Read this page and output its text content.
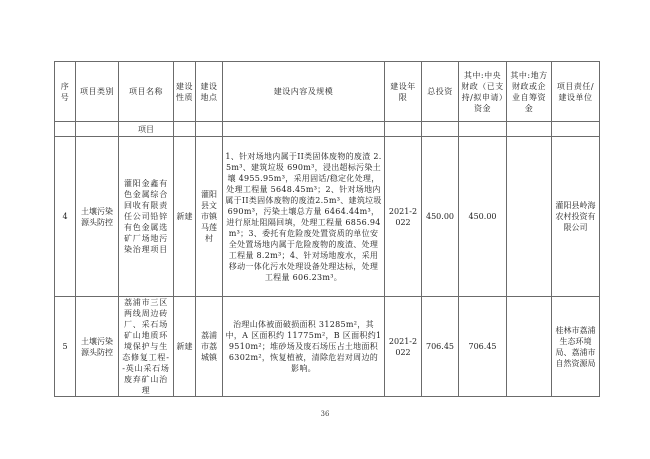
序号	项目类别	项目名称	建设性质	建设地点	建设内容及规模	建设年限	总投资	其中:中央财政（已支持/拟申请）资金	其中:地方财政或企业自筹资金	项目责任/建设单位
		项目								
4	土壤污染源头防控	灌阳金鑫有色金属综合回收有限责任公司铅锌有色金属选矿厂场地污染治理项目	新建	灌阳县文市镇马莲村	1、针对场地内属于II类固体废物的废渣 2.5m³、建筑垃圾 690m³，浸出超标污染土壤 4955.95m³，采用固话/稳定化处理，处理工程量 5648.45m³；2、针对场地内属于II类固体废物的废渣2.5m³、建筑垃圾 690m³，污染土壤总方量 6464.44m³，进行原址阻隔回填，处理工程量 6856.94m³；3、委托有危险废处置资质的单位安全处置场地内属于危险废物的废渣、处理工程量 8.2m³；4、针对场地废水，采用移动一体化污水处理设备处理达标，处理工程量 606.23m³。	2021-2022	450.00	450.00		灌阳县岭海农村投资有限公司
5	土壤污染源头防控	荔浦市三区两线周边砖厂、采石场矿山地质环境保护与生态修复工程--英山采石场废弃矿山治理	新建	荔浦市荔城镇	治理山体被面破损面积 31285m²，其中，A 区面积约 11775m²，B 区面积约19510m²；堆砂场及废石场压占土地面积 6302m²，恢复植被，清除危岩对周边的影响。	2021-2022	706.45	706.45		桂林市荔浦生态环境局、荔浦市自然资源局
36
